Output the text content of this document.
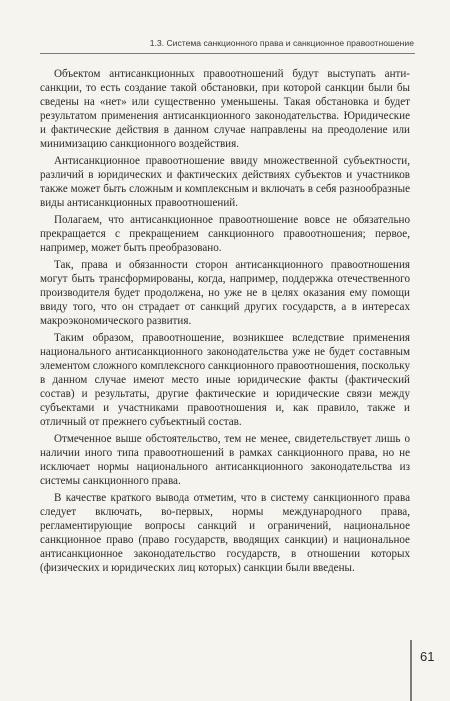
1.3. Система санкционного права и санкционное правоотношение

Объектом антисанкционных правоотношений будут выступать анти-санкции, то есть создание такой обстановки, при которой санкции были бы сведены на «нет» или существенно уменьшены. Такая обстановка и будет результатом применения антисанкционного законодательства. Юридические и фактические действия в данном случае направлены на преодоление или минимизацию санкционного воздействия.

Антисанкционное правоотношение ввиду множественной субъектности, различий в юридических и фактических действиях субъектов и участников также может быть сложным и комплексным и включать в себя разнообразные виды антисанкционных правоотношений.

Полагаем, что антисанкционное правоотношение вовсе не обязательно прекращается с прекращением санкционного правоотношения; первое, например, может быть преобразовано.

Так, права и обязанности сторон антисанкционного правоотношения могут быть трансформированы, когда, например, поддержка отечественного производителя будет продолжена, но уже не в целях оказания ему помощи ввиду того, что он страдает от санкций других государств, а в интересах макроэкономического развития.

Таким образом, правоотношение, возникшее вследствие применения национального антисанкционного законодательства уже не будет составным элементом сложного комплексного санкционного правоотношения, поскольку в данном случае имеют место иные юридические факты (фактический состав) и результаты, другие фактические и юридические связи между субъектами и участниками правоотношения и, как правило, также и отличный от прежнего субъектный состав.

Отмеченное выше обстоятельство, тем не менее, свидетельствует лишь о наличии иного типа правоотношений в рамках санкционного права, но не исключает нормы национального антисанкционного законодательства из системы санкционного права.

В качестве краткого вывода отметим, что в систему санкционного права следует включать, во-первых, нормы международного права, регламентирующие вопросы санкций и ограничений, национальное санкционное право (право государств, вводящих санкции) и национальное антисанкционное законодательство государств, в отношении которых (физических и юридических лиц которых) санкции были введены.

61
